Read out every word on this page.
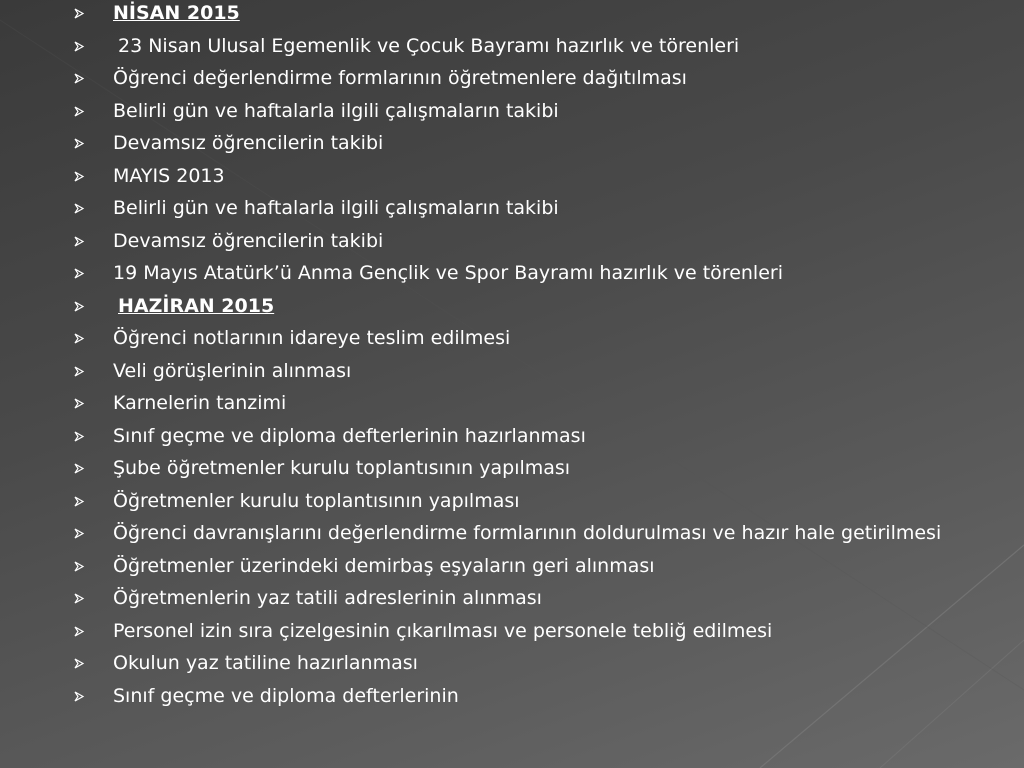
NİSAN 2015
23 Nisan Ulusal Egemenlik ve Çocuk Bayramı hazırlık ve törenleri
Öğrenci değerlendirme formlarının öğretmenlere dağıtılması
Belirli gün ve haftalarla ilgili çalışmaların takibi
Devamsız öğrencilerin takibi
MAYIS 2013
Belirli gün ve haftalarla ilgili çalışmaların takibi
Devamsız öğrencilerin takibi
19 Mayıs Atatürk’ü Anma Gençlik ve Spor Bayramı hazırlık ve törenleri
HAZİRAN 2015
Öğrenci notlarının idareye teslim edilmesi
Veli görüşlerinin alınması
Karnelerin tanzimi
Sınıf geçme ve diploma defterlerinin hazırlanması
Şube öğretmenler kurulu toplantısının yapılması
Öğretmenler kurulu toplantısının yapılması
Öğrenci davranışlarını değerlendirme formlarının doldurulması ve hazır hale getirilmesi
Öğretmenler üzerindeki demirbaş eşyaların geri alınması
Öğretmenlerin yaz tatili adreslerinin alınması
Personel izin sıra çizelgesinin çıkarılması ve personele tebliğ edilmesi
Okulun yaz tatiline hazırlanması
Sınıf geçme ve diploma defterlerinin
